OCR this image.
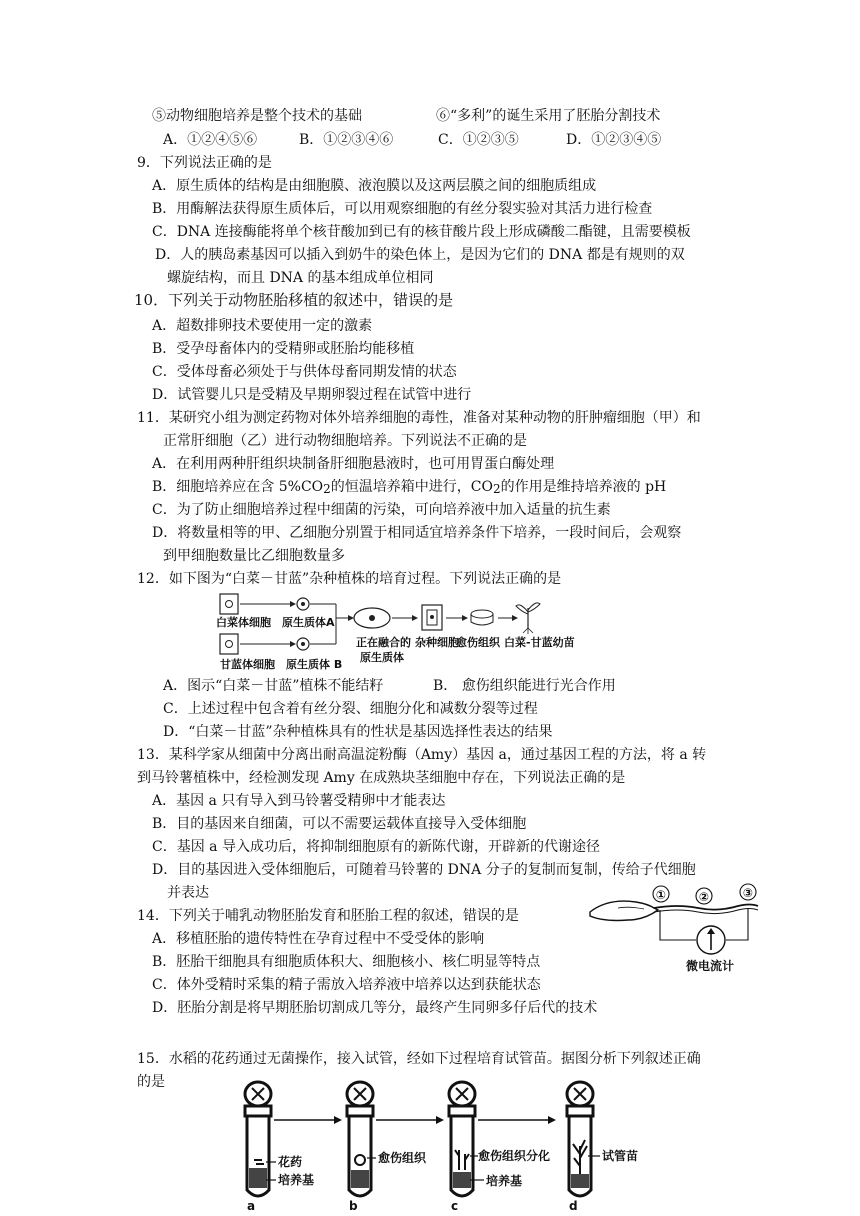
⑤动物细胞培养是整个技术的基础	⑥“多利”的诞生采用了胚胎分割技术
A．①②④⑤⑥	B．①②③④⑥	C．①②③⑤	D．①②③④⑤
9．下列说法正确的是
A．原生质体的结构是由细胞膜、液泡膜以及这两层膜之间的细胞质组成
B．用酶解法获得原生质体后，可以用观察细胞的有丝分裂实验对其活力进行检查
C．DNA 连接酶能将单个核苷酸加到已有的核苷酸片段上形成磷酸二酯键，且需要模板
D．人的胰岛素基因可以插入到奶牛的染色体上，是因为它们的 DNA 都是有规则的双
螺旋结构，而且 DNA 的基本组成单位相同
10．下列关于动物胚胎移植的叙述中，错误的是
A．超数排卵技术要使用一定的激素
B．受孕母畜体内的受精卵或胚胎均能移植
C．受体母畜必须处于与供体母畜同期发情的状态
D．试管婴儿只是受精及早期卵裂过程在试管中进行
11．某研究小组为测定药物对体外培养细胞的毒性，准备对某种动物的肝肿瘤细胞（甲）和
正常肝细胞（乙）进行动物细胞培养。下列说法不正确的是
A．在利用两种肝组织块制备肝细胞悬液时，也可用胃蛋白酶处理
B．细胞培养应在含 5%CO2的恒温培养箱中进行，CO2的作用是维持培养液的 pH
C．为了防止细胞培养过程中细菌的污染，可向培养液中加入适量的抗生素
D．将数量相等的甲、乙细胞分别置于相同适宜培养条件下培养，一段时间后，会观察
到甲细胞数量比乙细胞数量多
12．如下图为“白菜－甘蓝”杂种植株的培育过程。下列说法正确的是
白菜体细胞 原生质体A
甘蓝体细胞 原生质体 B
正在融合的
原生质体
杂种细胞
愈伤组织 白菜-甘蓝幼苗
A．图示“白菜－甘蓝”植株不能结籽	B． 愈伤组织能进行光合作用
C．上述过程中包含着有丝分裂、细胞分化和减数分裂等过程
D．“白菜－甘蓝”杂种植株具有的性状是基因选择性表达的结果
13．某科学家从细菌中分离出耐高温淀粉酶（Amy）基因 a，通过基因工程的方法，将 a 转
到马铃薯植株中，经检测发现 Amy 在成熟块茎细胞中存在，下列说法正确的是
A．基因 a 只有导入到马铃薯受精卵中才能表达
B．目的基因来自细菌，可以不需要运载体直接导入受体细胞
C．基因 a 导入成功后，将抑制细胞原有的新陈代谢，开辟新的代谢途径
D．目的基因进入受体细胞后，可随着马铃薯的 DNA 分子的复制而复制，传给子代细胞
并表达
14．下列关于哺乳动物胚胎发育和胚胎工程的叙述，错误的是
A．移植胚胎的遗传特性在孕育过程中不受受体的影响
B．胚胎干细胞具有细胞质体积大、细胞核小、核仁明显等特点
C．体外受精时采集的精子需放入培养液中培养以达到获能状态
D．胚胎分割是将早期胚胎切割成几等分，最终产生同卵多仔后代的技术
①	②	③
微电流计
15．水稻的花药通过无菌操作，接入试管，经如下过程培育试管苗。据图分析下列叙述正确
的是
花药
培养基
a
愈伤组织
b
愈伤组织分化
培养基
c
试管苗
d
